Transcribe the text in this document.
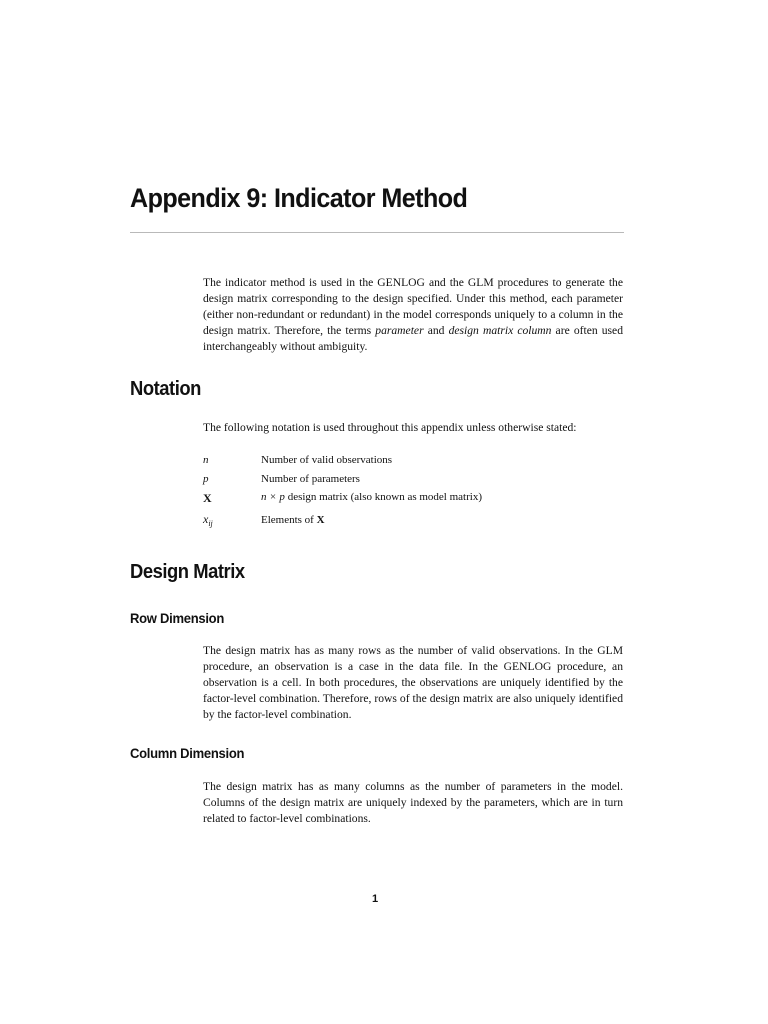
Appendix 9: Indicator Method

The indicator method is used in the GENLOG and the GLM procedures to generate the design matrix corresponding to the design specified. Under this method, each parameter (either non-redundant or redundant) in the model corresponds uniquely to a column in the design matrix. Therefore, the terms parameter and design matrix column are often used interchangeably without ambiguity.

Notation

The following notation is used throughout this appendix unless otherwise stated:

n	Number of valid observations
p	Number of parameters
X	n × p design matrix (also known as model matrix)
$x_{ij}$	Elements of X
Design Matrix
Row Dimension

The design matrix has as many rows as the number of valid observations. In the GLM procedure, an observation is a case in the data file. In the GENLOG procedure, an observation is a cell. In both procedures, the observations are uniquely identified by the factor-level combination. Therefore, rows of the design matrix are also uniquely identified by the factor-level combination.

Column Dimension

The design matrix has as many columns as the number of parameters in the model. Columns of the design matrix are uniquely indexed by the parameters, which are in turn related to factor-level combinations.

1
